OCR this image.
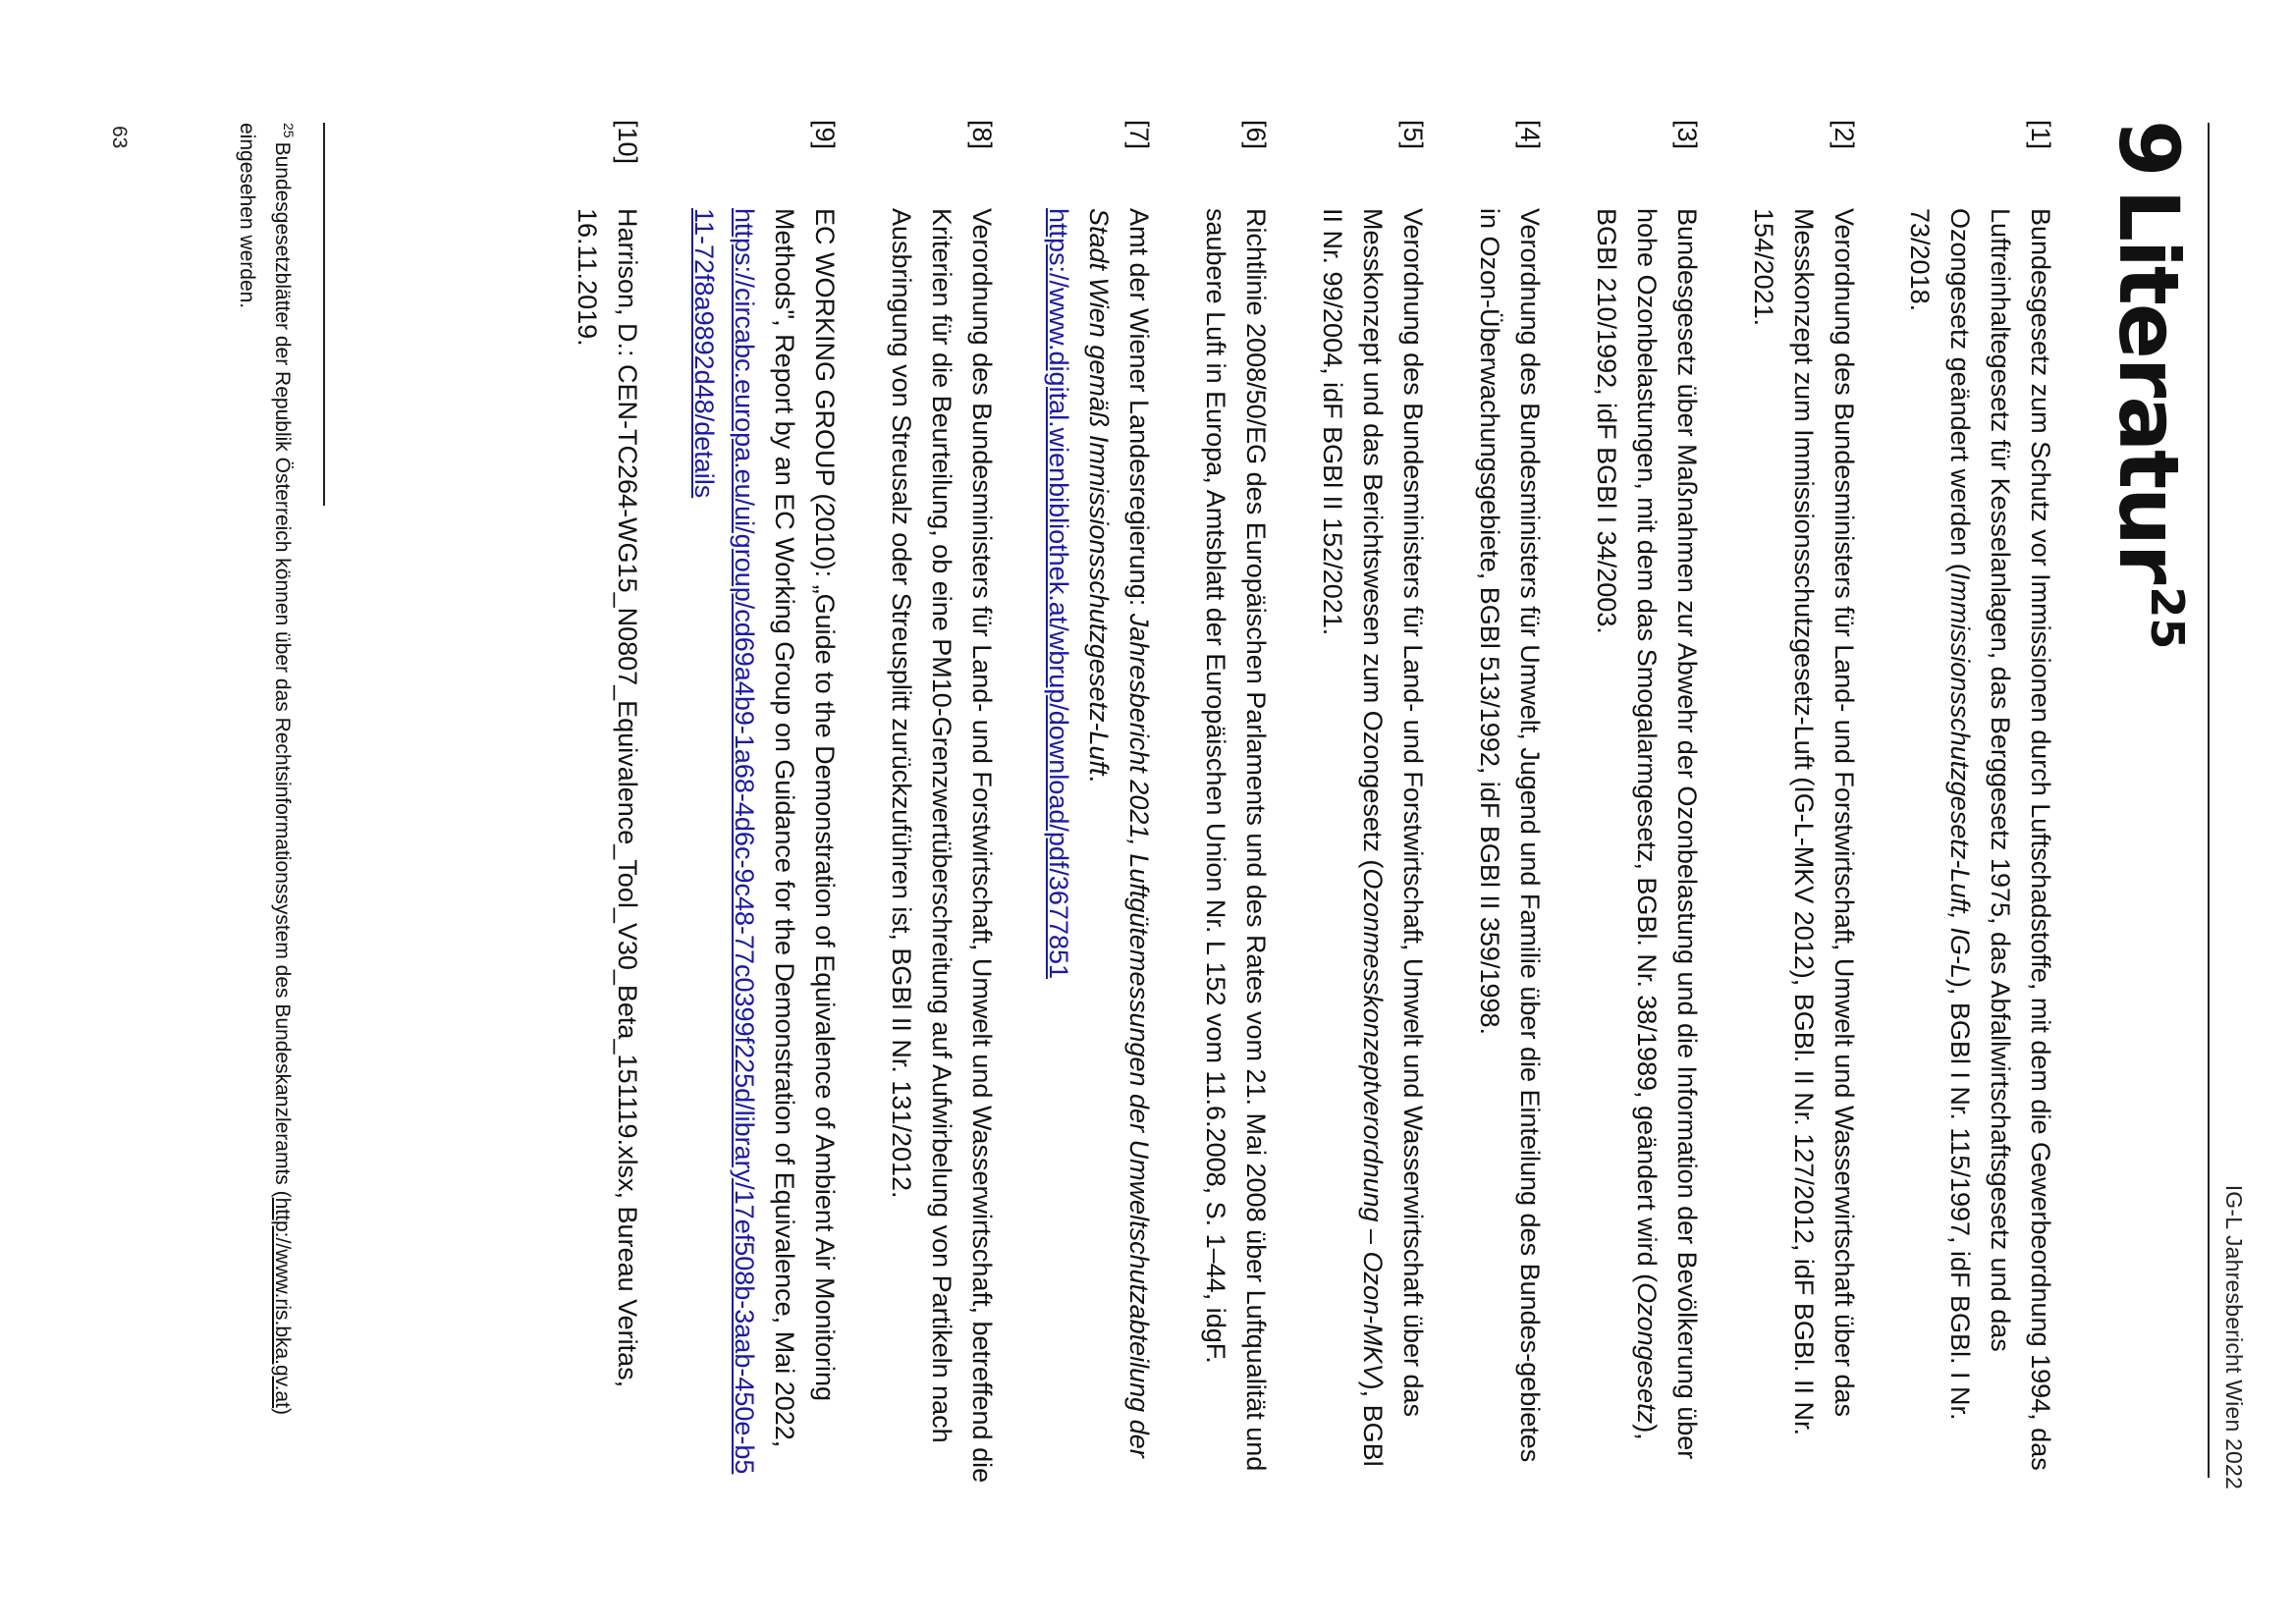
IG-L Jahresbericht Wien 2022
9Literatur$^{25}$

[1]
Bundesgesetz zum Schutz vor Immissionen durch Luftschadstoffe, mit dem die Gewerbeordnung 1994, das Luftreinhaltegesetz für Kesselanlagen, das Berggesetz 1975, das Abfallwirtschaftsgesetz und das Ozongesetz geändert werden (Immissionsschutzgesetz-Luft, IG-L), BGBl I Nr. 115/1997, idF BGBl. I Nr. 73/2018.

[2]
Verordnung des Bundesministers für Land- und Forstwirtschaft, Umwelt und Wasserwirtschaft über das Messkonzept zum Immissionsschutzgesetz-Luft (IG-L-MKV 2012), BGBl. II Nr. 127/2012, idF BGBl. II Nr. 154/2021.

[3]
Bundesgesetz über Maßnahmen zur Abwehr der Ozonbelastung und die Information der Bevölkerung über hohe Ozonbelastungen, mit dem das Smogalarmgesetz, BGBl. Nr. 38/1989, geändert wird (Ozongesetz), BGBl 210/1992, idF BGBl I 34/2003.

[4]
Verordnung des Bundesministers für Umwelt, Jugend und Familie über die Einteilung des Bundes-gebietes in Ozon-Überwachungsgebiete, BGBl 513/1992, idF BGBl II 359/1998.

[5]
Verordnung des Bundesministers für Land- und Forstwirtschaft, Umwelt und Wasserwirtschaft über das Messkonzept und das Berichtswesen zum Ozongesetz (Ozonmesskonzeptverordnung – Ozon-MKV), BGBl II Nr. 99/2004, idF BGBl II 152/2021.

[6]
Richtlinie 2008/50/EG des Europäischen Parlaments und des Rates vom 21. Mai 2008 über Luftqualität und saubere Luft in Europa, Amtsblatt der Europäischen Union Nr. L 152 vom 11.6.2008, S. 1–44, idgF.

[7]
Amt der Wiener Landesregierung: Jahresbericht 2021, Luftgütemessungen der Umweltschutzabteilung der Stadt Wien gemäß Immissionsschutzgesetz-Luft.
https://www.digital.wienbibliothek.at/wbrup/download/pdf/3677851

[8]
Verordnung des Bundesministers für Land- und Forstwirtschaft, Umwelt und Wasserwirtschaft, betreffend die Kriterien für die Beurteilung, ob eine PM10-Grenzwertüberschreitung auf Aufwirbelung von Partikeln nach Ausbringung von Streusalz oder Streusplitt zurückzuführen ist, BGBl II Nr. 131/2012.

[9]
EC WORKING GROUP (2010): „Guide to the Demonstration of Equivalence of Ambient Air Monitoring Methods", Report by an EC Working Group on Guidance for the Demonstration of Equivalence, Mai 2022,
https://circabc.europa.eu/ui/group/cd69a4b9-1a68-4d6c-9c48-77c0399f225d/library/17ef508b-3aab-450e-b511-72f8a9892d48/details

[10]
Harrison, D.: CEN-TC264-WG15_N0807_Equivalence_Tool_V30_Beta_151119.xlsx, Bureau Veritas, 16.11.2019.

$^{25}$Bundesgesetzblätter der Republik Österreich können über das Rechtsinformationssystem des Bundeskanzleramts (http://www.ris.bka.gv.at) eingesehen werden.
63
